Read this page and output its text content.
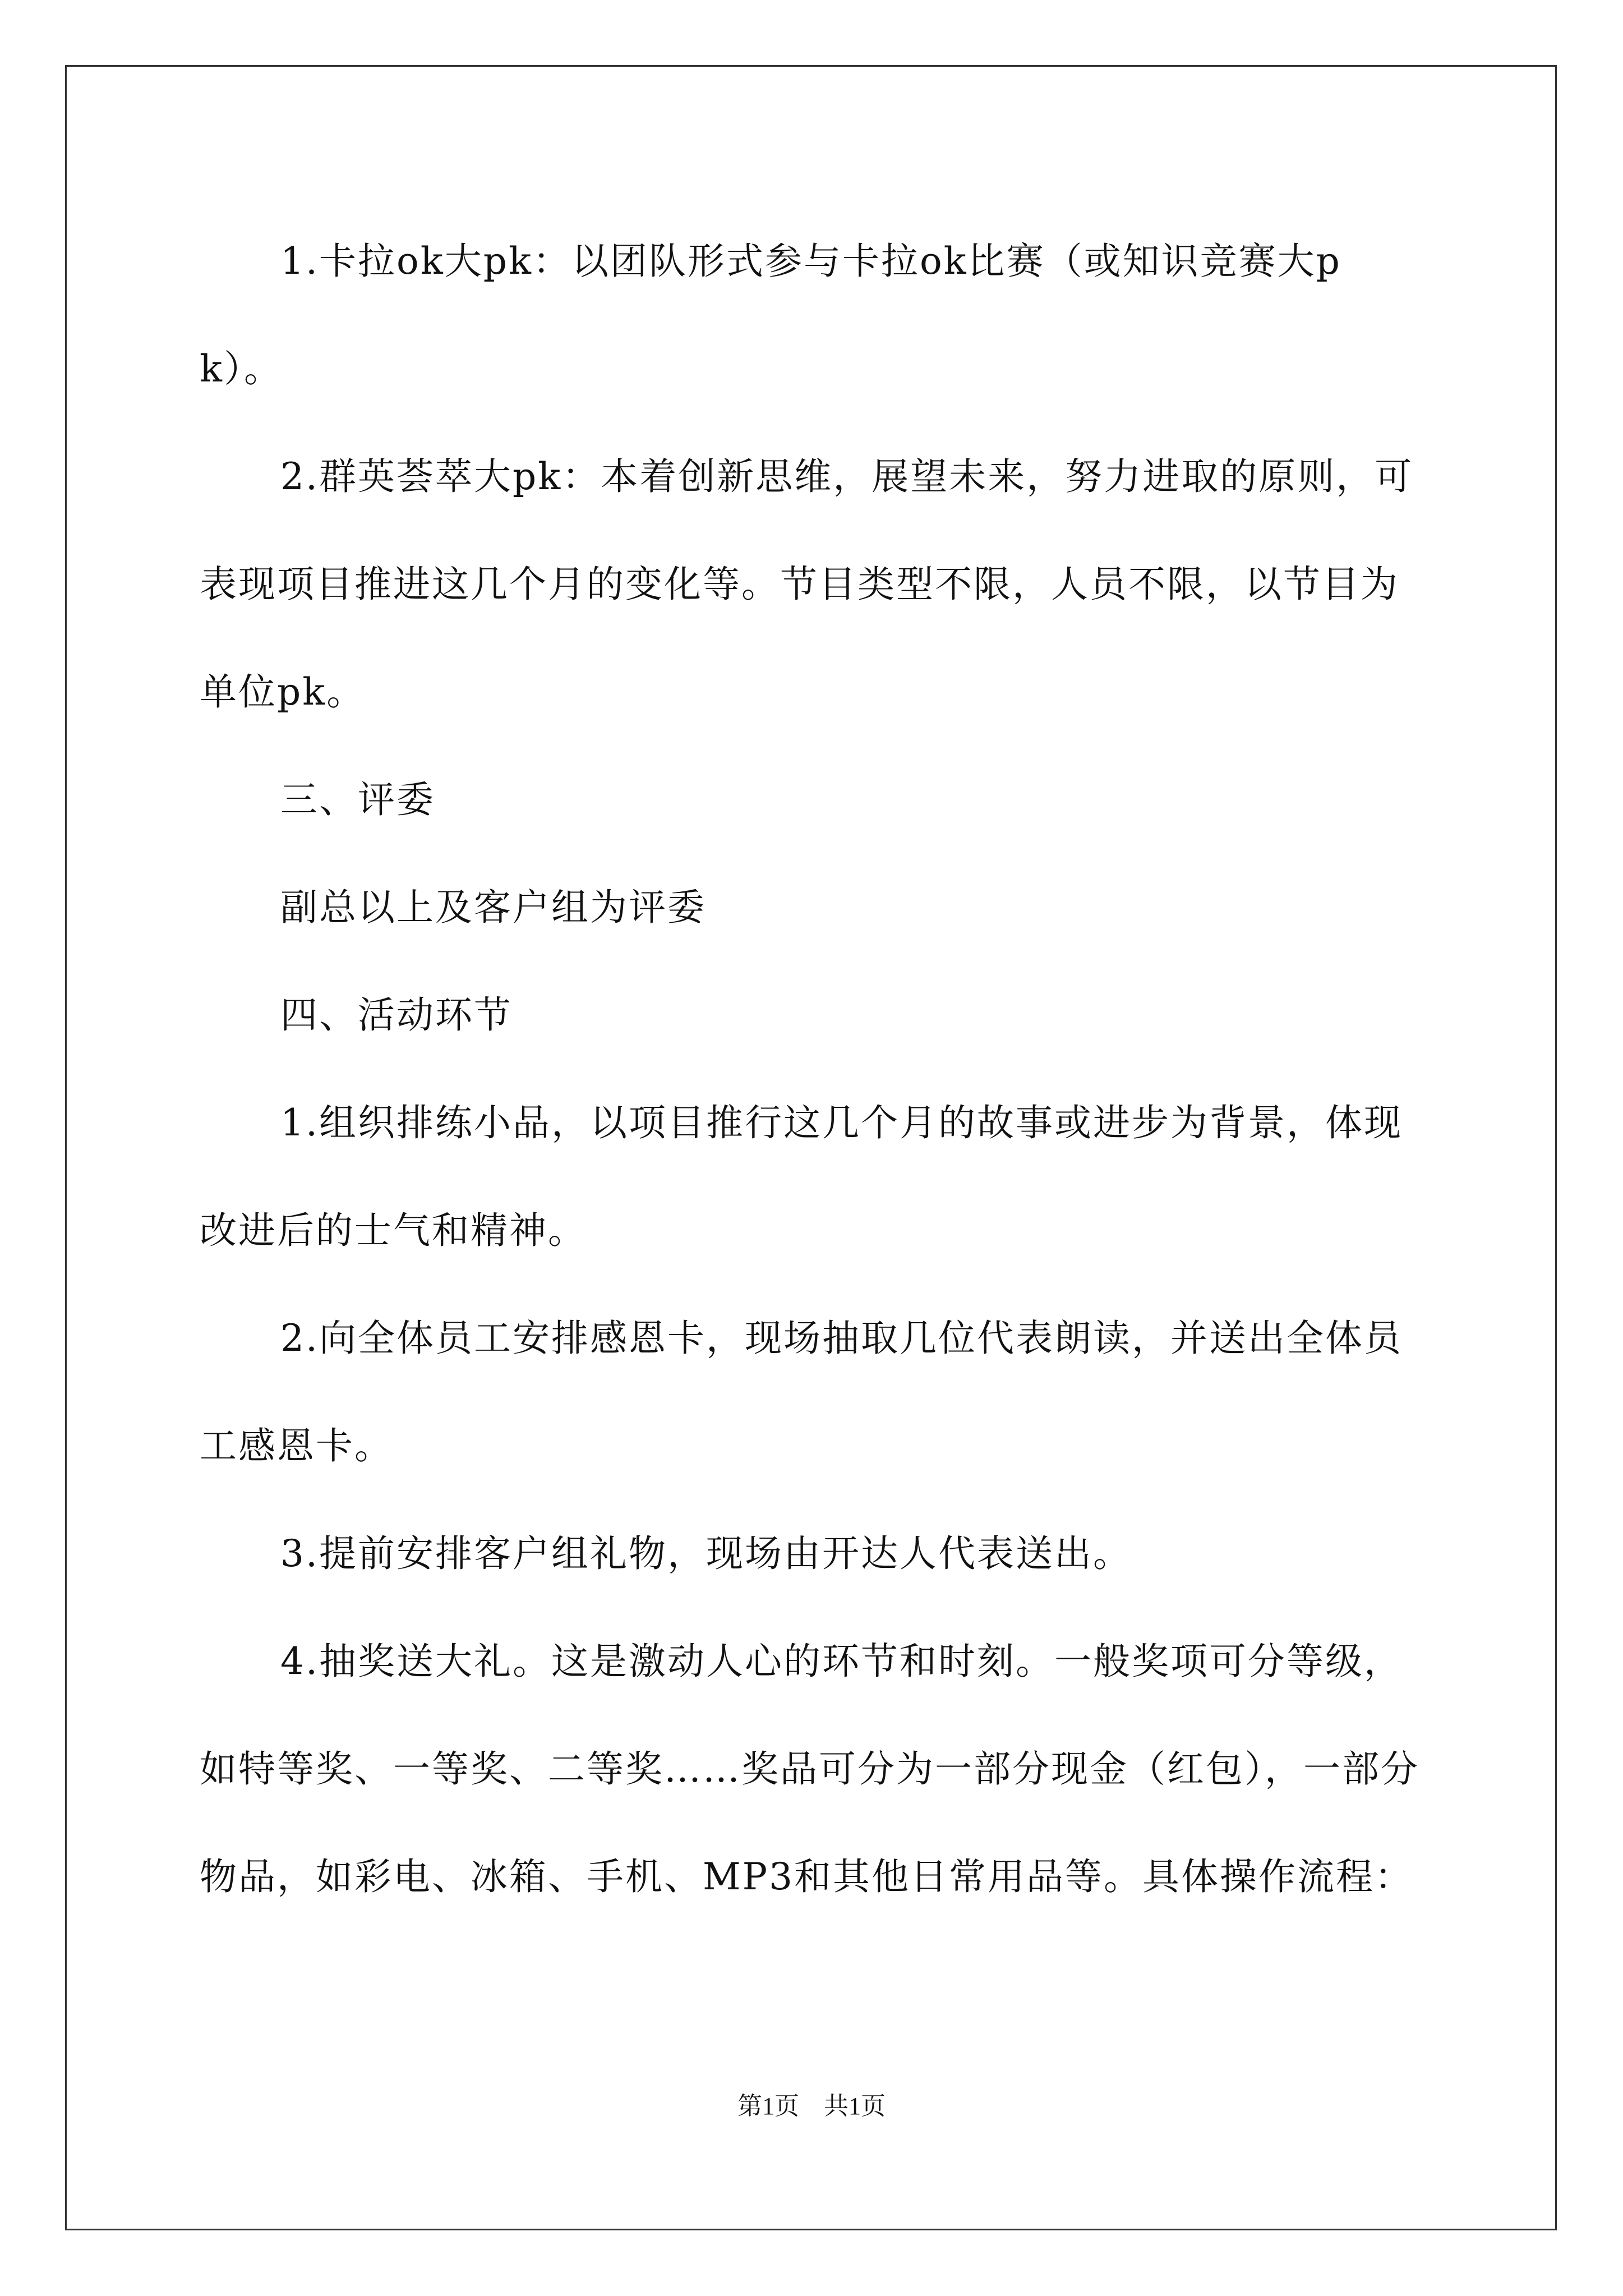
1.卡拉ok大pk：以团队形式参与卡拉ok比赛（或知识竞赛大pk）。

2.群英荟萃大pk：本着创新思维，展望未来，努力进取的原则，可表现项目推进这几个月的变化等。节目类型不限，人员不限，以节目为单位pk。

三、评委

副总以上及客户组为评委

四、活动环节

1.组织排练小品，以项目推行这几个月的故事或进步为背景，体现改进后的士气和精神。

2.向全体员工安排感恩卡，现场抽取几位代表朗读，并送出全体员工感恩卡。

3.提前安排客户组礼物，现场由开达人代表送出。

4.抽奖送大礼。这是激动人心的环节和时刻。一般奖项可分等级，如特等奖、一等奖、二等奖……奖品可分为一部分现金（红包），一部分物品，如彩电、冰箱、手机、MP3和其他日常用品等。具体操作流程：

第1页　共1页
